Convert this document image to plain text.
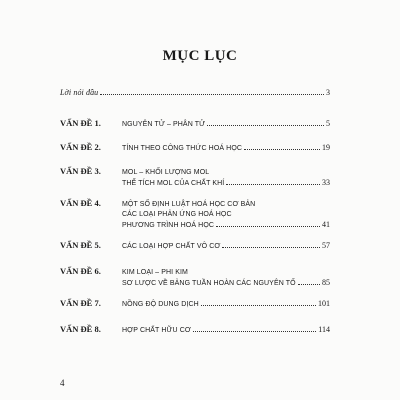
MỤC LỤC
Lời nói đầu	3
VẤN ĐỀ 1.	NGUYÊN TỬ – PHÂN TỬ	5
VẤN ĐỀ 2.	TÍNH THEO CÔNG THỨC HOÁ HỌC	19
VẤN ĐỀ 3.	MOL – KHỐI LƯỢNG MOL
THỂ TÍCH MOL CỦA CHẤT KHÍ	33
VẤN ĐỀ 4.	MỘT SỐ ĐỊNH LUẬT HOÁ HỌC CƠ BẢN
CÁC LOẠI PHẢN ỨNG HOÁ HỌC
PHƯƠNG TRÌNH HOÁ HỌC	41
VẤN ĐỀ 5.	CÁC LOẠI HỢP CHẤT VÔ CƠ	57
VẤN ĐỀ 6.	KIM LOẠI – PHI KIM
SƠ LƯỢC VỀ BẢNG TUẦN HOÀN CÁC NGUYÊN TỐ	85
VẤN ĐỀ 7.	NỒNG ĐỘ DUNG DỊCH	101
VẤN ĐỀ 8.	HỢP CHẤT HỮU CƠ	114
4
